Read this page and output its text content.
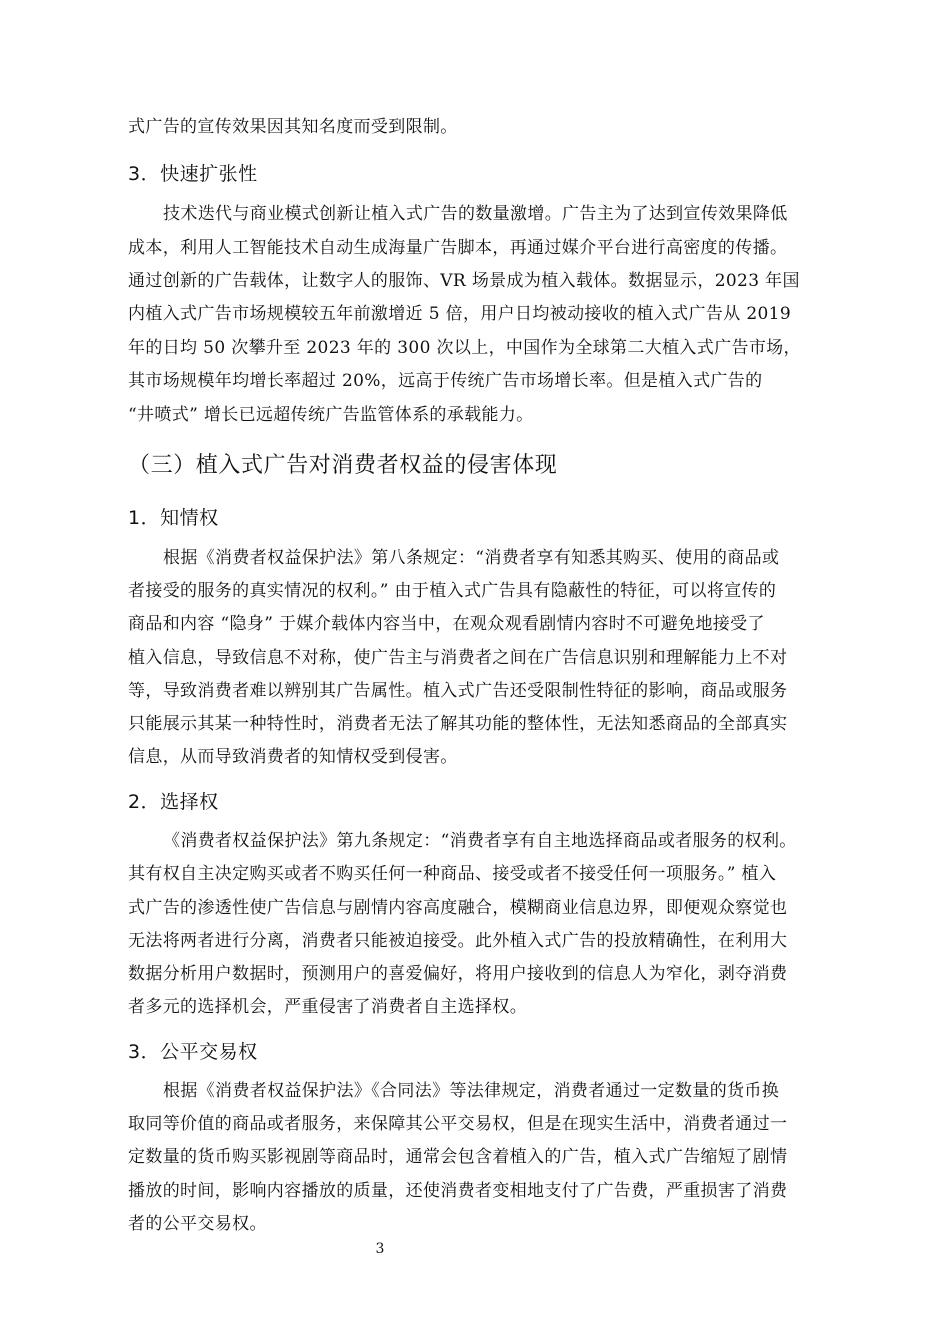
式广告的宣传效果因其知名度而受到限制。
3．快速扩张性
技术迭代与商业模式创新让植入式广告的数量激增。广告主为了达到宣传效果降低
成本，利用人工智能技术自动生成海量广告脚本，再通过媒介平台进行高密度的传播。
通过创新的广告载体，让数字人的服饰、VR 场景成为植入载体。数据显示，2023 年国
内植入式广告市场规模较五年前激增近 5 倍，用户日均被动接收的植入式广告从 2019
年的日均 50 次攀升至 2023 年的 300 次以上，中国作为全球第二大植入式广告市场，
其市场规模年均增长率超过 20%，远高于传统广告市场增长率。但是植入式广告的
“井喷式” 增长已远超传统广告监管体系的承载能力。
（三）植入式广告对消费者权益的侵害体现
1．知情权
根据《消费者权益保护法》第八条规定：“消费者享有知悉其购买、使用的商品或
者接受的服务的真实情况的权利。” 由于植入式广告具有隐蔽性的特征，可以将宣传的
商品和内容 “隐身” 于媒介载体内容当中，在观众观看剧情内容时不可避免地接受了
植入信息，导致信息不对称，使广告主与消费者之间在广告信息识别和理解能力上不对
等，导致消费者难以辨别其广告属性。植入式广告还受限制性特征的影响，商品或服务
只能展示其某一种特性时，消费者无法了解其功能的整体性，无法知悉商品的全部真实
信息，从而导致消费者的知情权受到侵害。
2．选择权
《消费者权益保护法》第九条规定：“消费者享有自主地选择商品或者服务的权利。
其有权自主决定购买或者不购买任何一种商品、接受或者不接受任何一项服务。” 植入
式广告的渗透性使广告信息与剧情内容高度融合，模糊商业信息边界，即便观众察觉也
无法将两者进行分离，消费者只能被迫接受。此外植入式广告的投放精确性，在利用大
数据分析用户数据时，预测用户的喜爱偏好，将用户接收到的信息人为窄化，剥夺消费
者多元的选择机会，严重侵害了消费者自主选择权。
3．公平交易权
根据《消费者权益保护法》《合同法》等法律规定，消费者通过一定数量的货币换
取同等价值的商品或者服务，来保障其公平交易权，但是在现实生活中，消费者通过一
定数量的货币购买影视剧等商品时，通常会包含着植入的广告，植入式广告缩短了剧情
播放的时间，影响内容播放的质量，还使消费者变相地支付了广告费，严重损害了消费
者的公平交易权。
3
